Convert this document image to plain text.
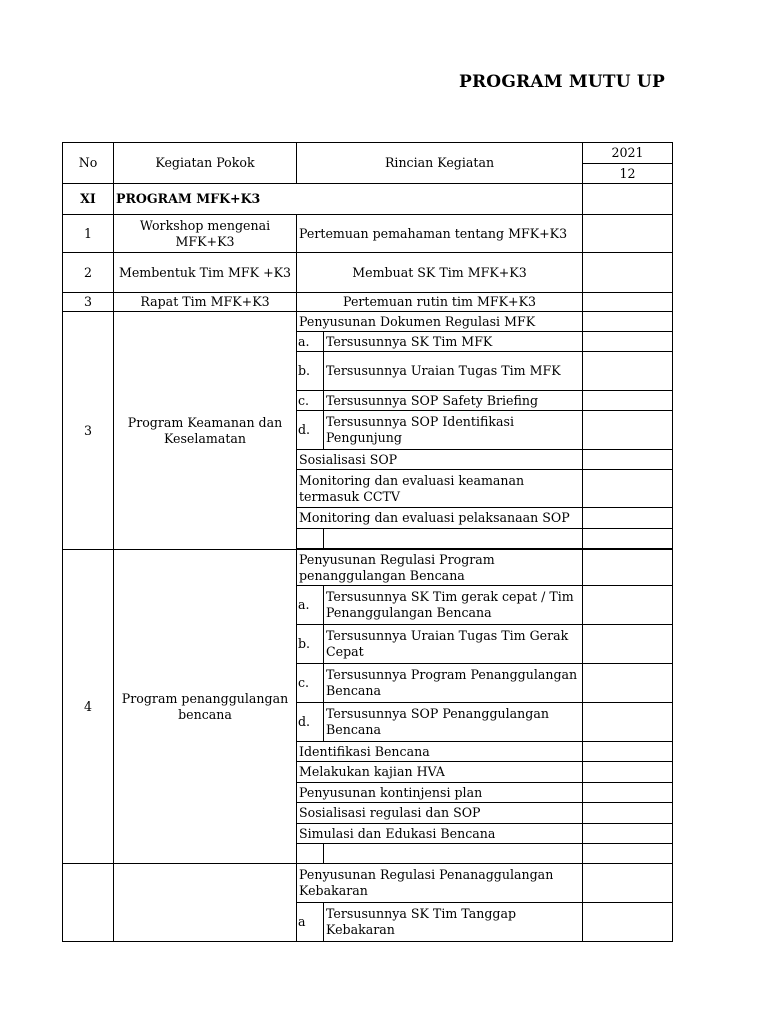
PROGRAM MUTU UP
No	Kegiatan Pokok	Rincian Kegiatan		2021
				12
XI	PROGRAM MFK+K3			
1	Workshop mengenai MFK+K3	Pertemuan pemahaman tentang MFK+K3		
2	Membentuk Tim MFK +K3	Membuat SK Tim MFK+K3		
3	Rapat Tim MFK+K3	Pertemuan rutin tim MFK+K3		
3	Program Keamanan dan Keselamatan	Penyusunan Dokumen Regulasi MFK		
		a.	Tersusunnya SK Tim MFK	
		b.	Tersusunnya Uraian Tugas Tim MFK	
		c.	Tersusunnya SOP Safety Briefing	
		d.	Tersusunnya SOP Identifikasi Pengunjung	
		Sosialisasi SOP		
		Monitoring dan evaluasi keamanan termasuk CCTV		
		Monitoring dan evaluasi pelaksanaan SOP		

4	Program penanggulangan bencana	Penyusunan Regulasi Program penanggulangan Bencana		
		a.	Tersusunnya SK Tim gerak cepat / Tim Penanggulangan Bencana	
		b.	Tersusunnya Uraian Tugas Tim Gerak Cepat	
		c.	Tersusunnya Program Penanggulangan Bencana	
		d.	Tersusunnya SOP Penanggulangan Bencana	
		Identifikasi Bencana		
		Melakukan kajian HVA		
		Penyusunan kontinjensi plan		
		Sosialisasi regulasi dan SOP		
		Simulasi dan Edukasi Bencana		

		Penyusunan Regulasi Penanaggulangan Kebakaran		
		a	Tersusunnya SK Tim Tanggap Kebakaran	
